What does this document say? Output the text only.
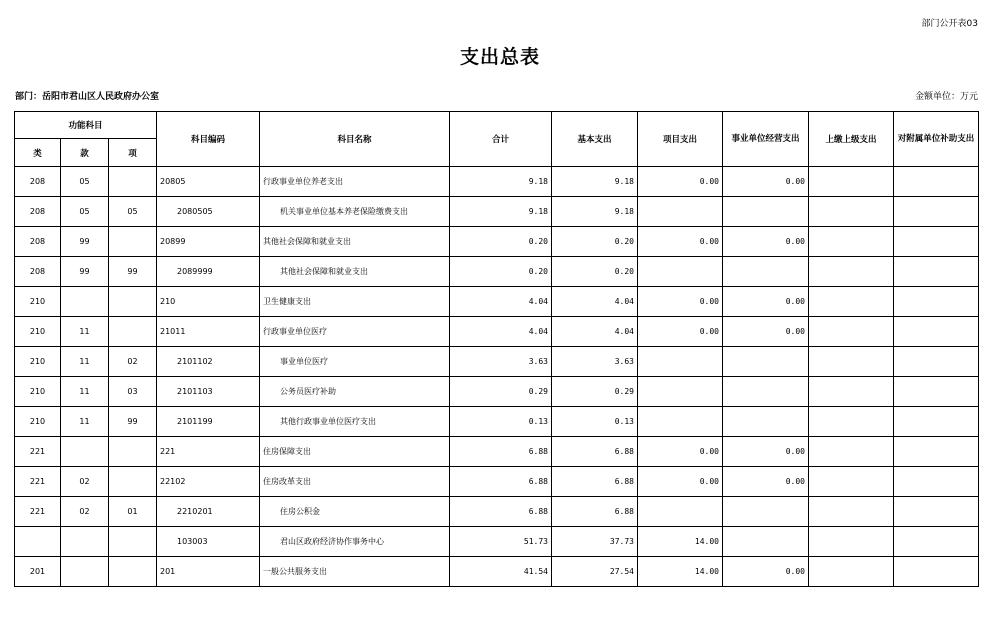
部门公开表03
支出总表
部门：岳阳市君山区人民政府办公室	金额单位：万元
功能科目			科目编码	科目名称	合计	基本支出	项目支出	事业单位经营支出	上缴上级支出	对附属单位补助支出
类	款	项								
208	05		20805	行政事业单位养老支出	9.18	9.18	0.00	0.00		
208	05	05	2080505	机关事业单位基本养老保险缴费支出	9.18	9.18				
208	99		20899	其他社会保障和就业支出	0.20	0.20	0.00	0.00		
208	99	99	2089999	其他社会保障和就业支出	0.20	0.20				
210			210	卫生健康支出	4.04	4.04	0.00	0.00		
210	11		21011	行政事业单位医疗	4.04	4.04	0.00	0.00		
210	11	02	2101102	事业单位医疗	3.63	3.63				
210	11	03	2101103	公务员医疗补助	0.29	0.29				
210	11	99	2101199	其他行政事业单位医疗支出	0.13	0.13				
221			221	住房保障支出	6.88	6.88	0.00	0.00		
221	02		22102	住房改革支出	6.88	6.88	0.00	0.00		
221	02	01	2210201	住房公积金	6.88	6.88				
			103003	君山区政府经济协作事务中心	51.73	37.73	14.00			
201			201	一般公共服务支出	41.54	27.54	14.00	0.00		
